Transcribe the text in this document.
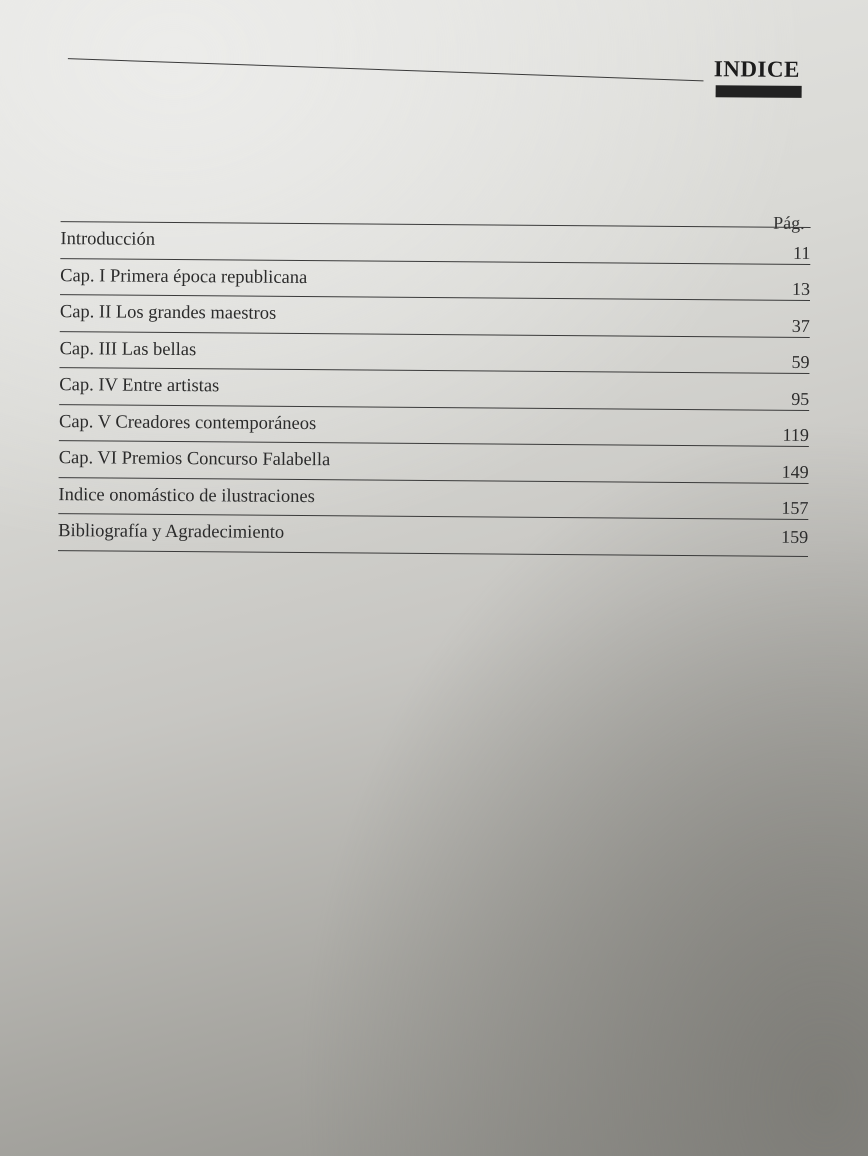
INDICE
Pág.
Introducción
11
Cap. I Primera época republicana
13
Cap. II Los grandes maestros
37
Cap. III Las bellas
59
Cap. IV Entre artistas
95
Cap. V Creadores contemporáneos
119
Cap. VI Premios Concurso Falabella
149
Indice onomástico de ilustraciones
157
Bibliografía y Agradecimiento	159
